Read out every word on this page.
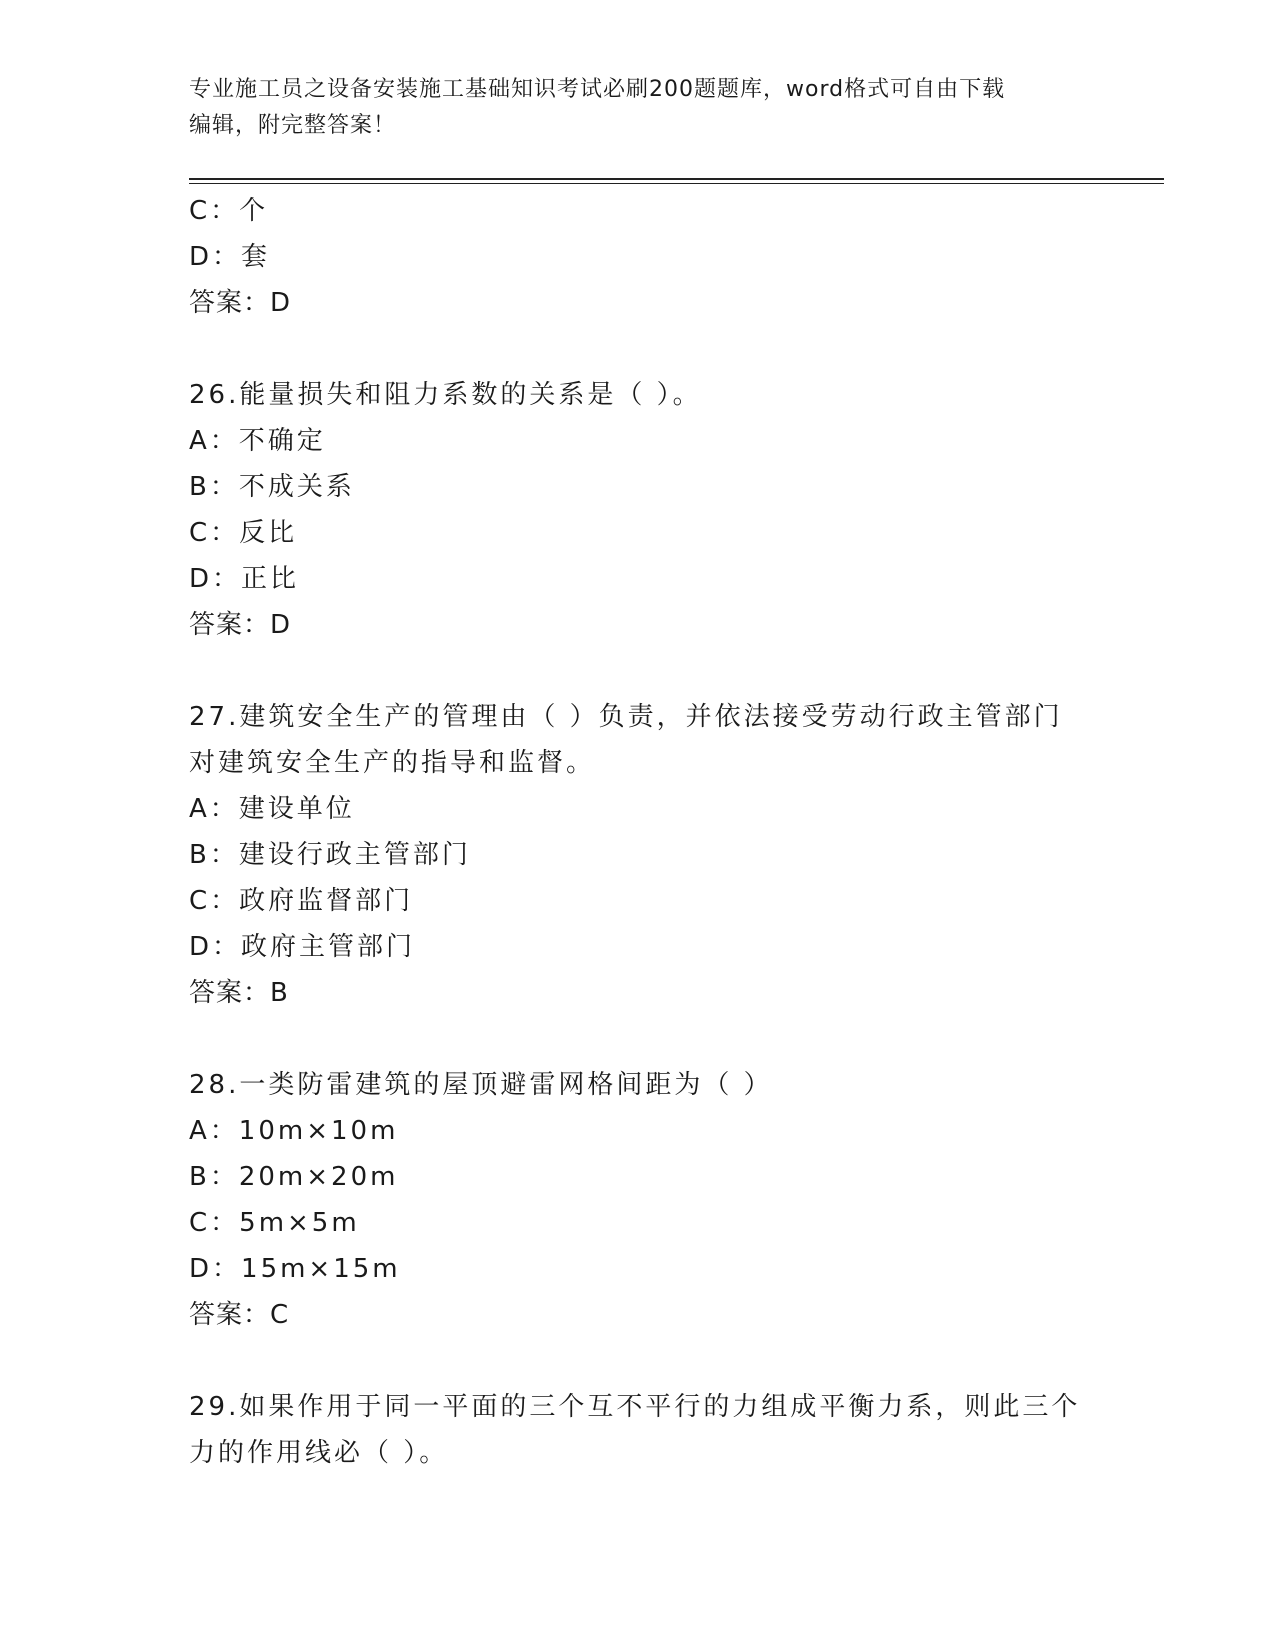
专业施工员之设备安装施工基础知识考试必刷200题题库，word格式可自由下载
编辑，附完整答案！
C：个
D：套
答案：D
26.能量损失和阻力系数的关系是（ ）。
A：不确定
B：不成关系
C：反比
D：正比
答案：D
27.建筑安全生产的管理由（ ）负责，并依法接受劳动行政主管部门
对建筑安全生产的指导和监督。
A：建设单位
B：建设行政主管部门
C：政府监督部门
D：政府主管部门
答案：B
28.一类防雷建筑的屋顶避雷网格间距为（ ）
A：10m×10m
B：20m×20m
C：5m×5m
D：15m×15m
答案：C
29.如果作用于同一平面的三个互不平行的力组成平衡力系，则此三个
力的作用线必（ ）。
